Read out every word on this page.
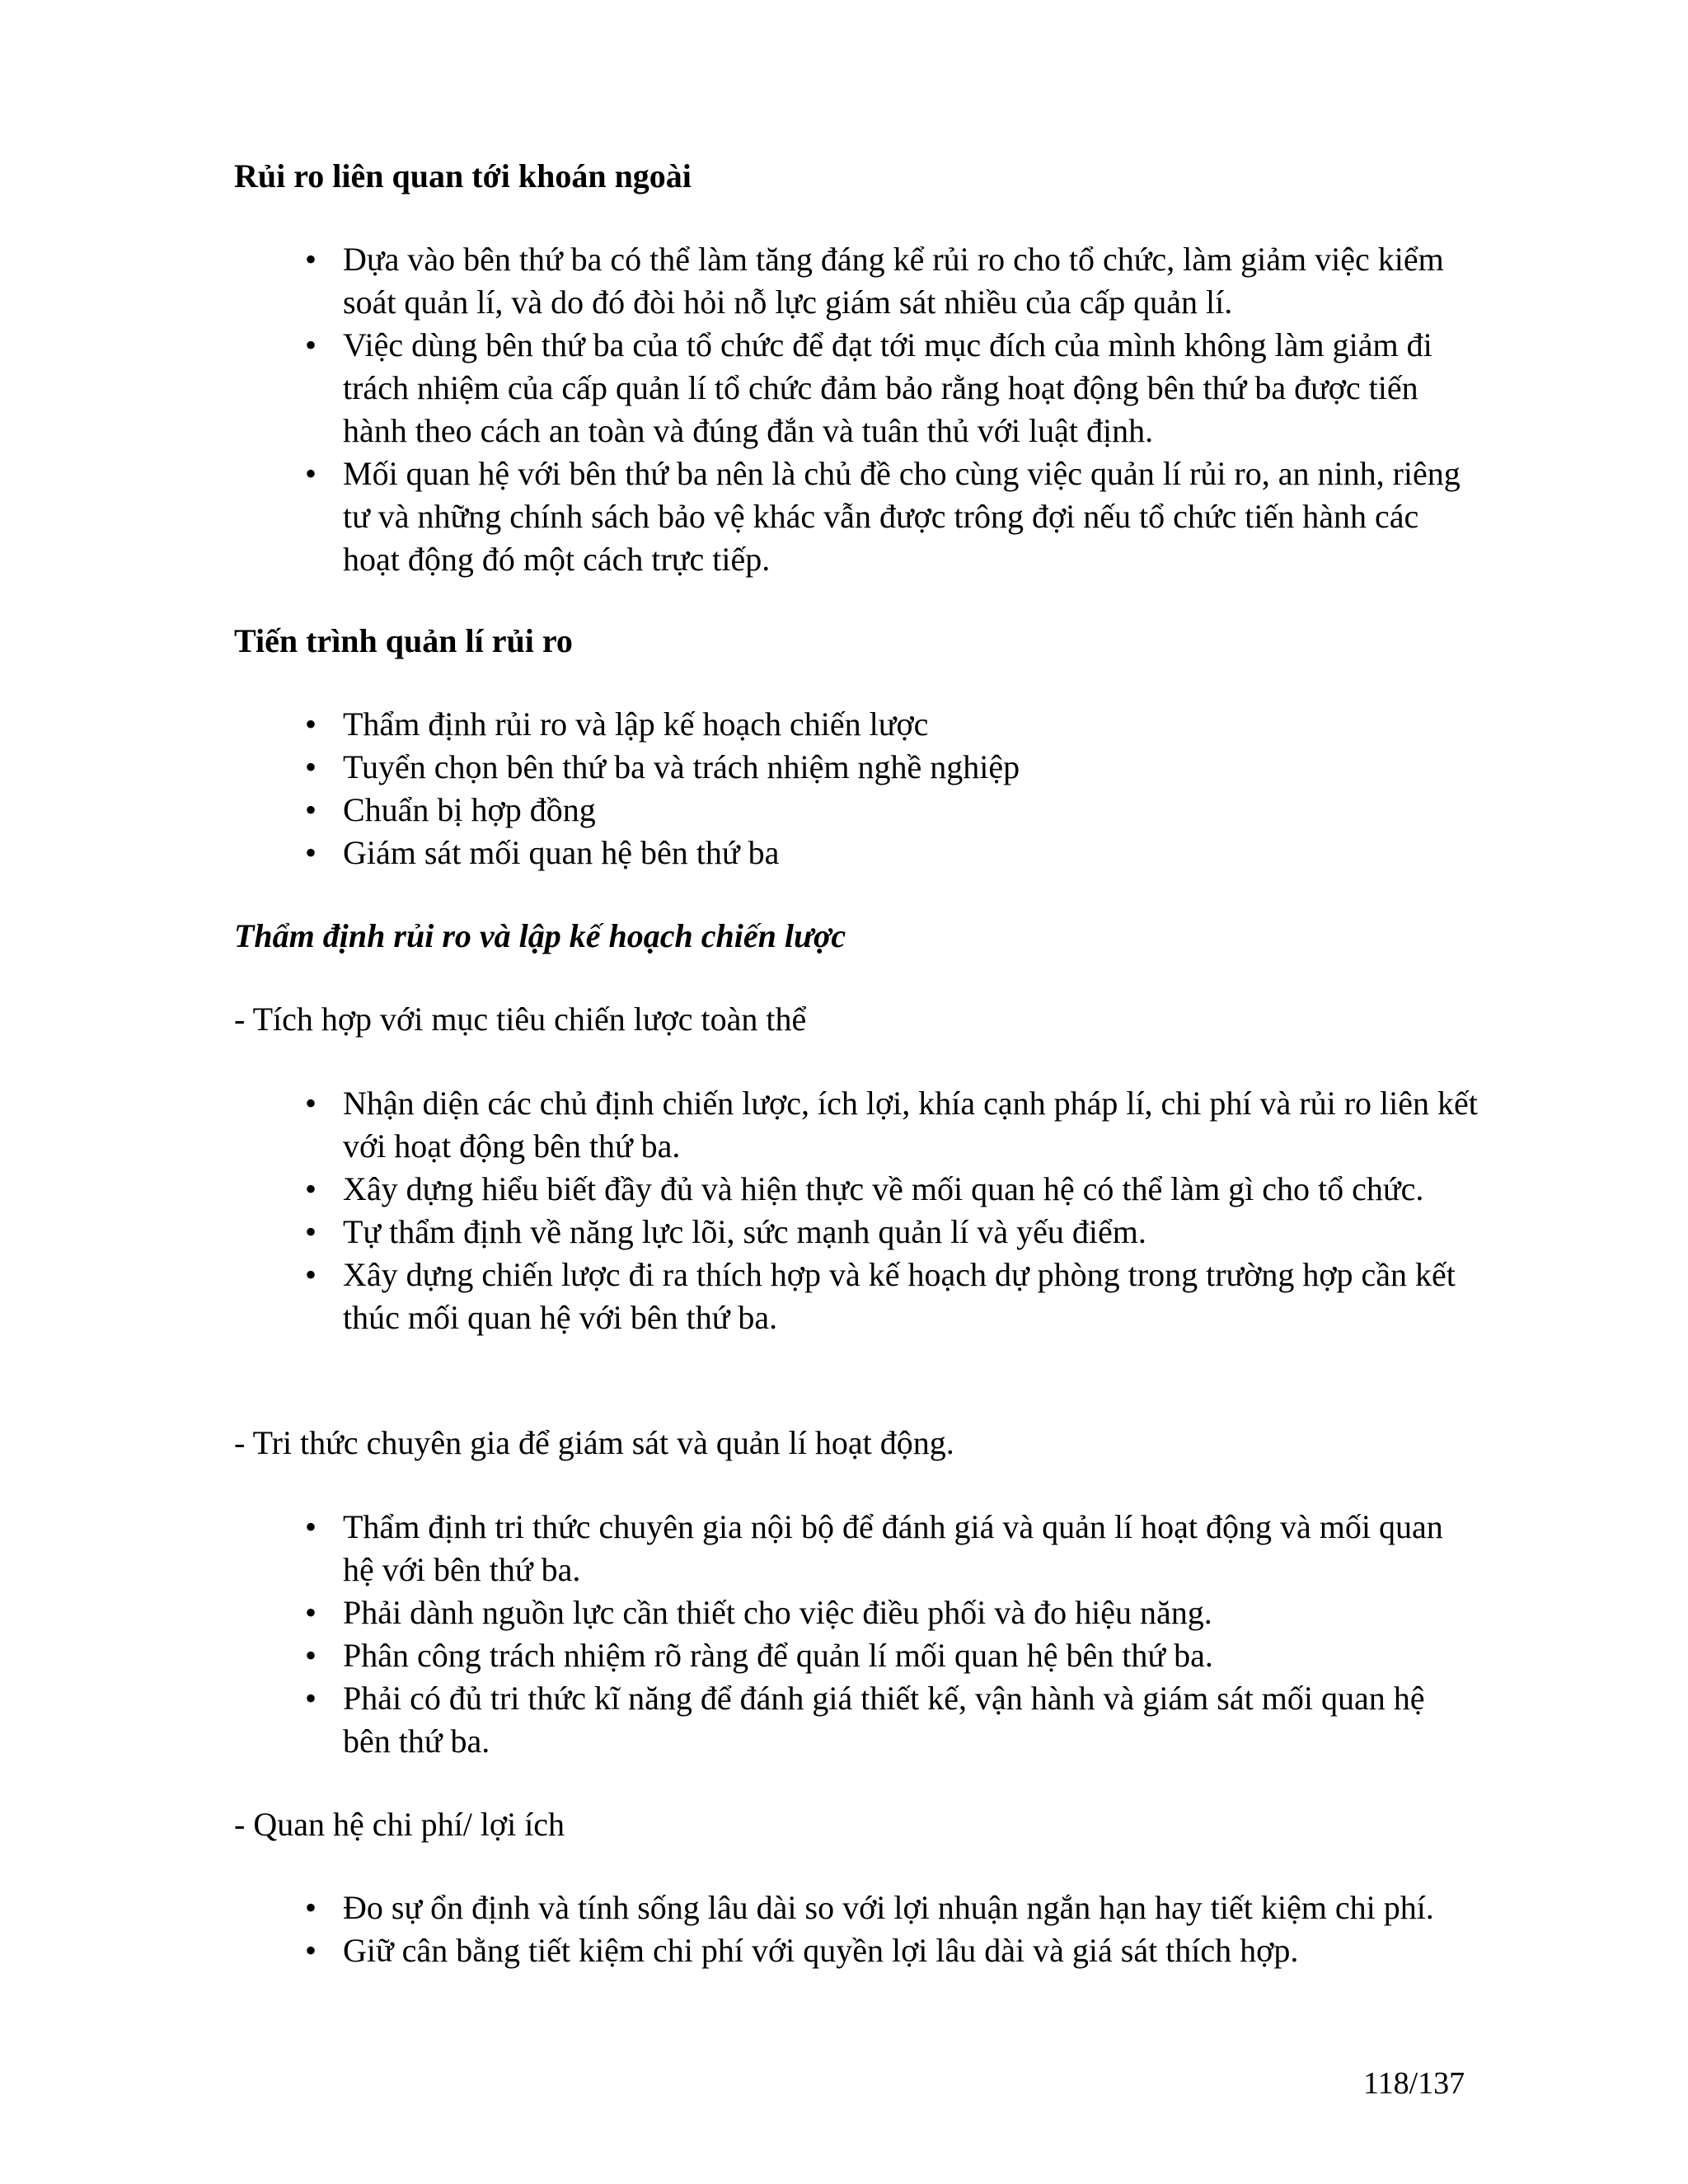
Rủi ro liên quan tới khoán ngoài

• Dựa vào bên thứ ba có thể làm tăng đáng kể rủi ro cho tổ chức, làm giảm việc kiểm soát quản lí, và do đó đòi hỏi nỗ lực giám sát nhiều của cấp quản lí.
• Việc dùng bên thứ ba của tổ chức để đạt tới mục đích của mình không làm giảm đi trách nhiệm của cấp quản lí tổ chức đảm bảo rằng hoạt động bên thứ ba được tiến hành theo cách an toàn và đúng đắn và tuân thủ với luật định.
• Mối quan hệ với bên thứ ba nên là chủ đề cho cùng việc quản lí rủi ro, an ninh, riêng tư và những chính sách bảo vệ khác vẫn được trông đợi nếu tổ chức tiến hành các hoạt động đó một cách trực tiếp.

Tiến trình quản lí rủi ro

• Thẩm định rủi ro và lập kế hoạch chiến lược
• Tuyển chọn bên thứ ba và trách nhiệm nghề nghiệp
• Chuẩn bị hợp đồng
• Giám sát mối quan hệ bên thứ ba

Thẩm định rủi ro và lập kế hoạch chiến lược

- Tích hợp với mục tiêu chiến lược toàn thể

• Nhận diện các chủ định chiến lược, ích lợi, khía cạnh pháp lí, chi phí và rủi ro liên kết với hoạt động bên thứ ba.
• Xây dựng hiểu biết đầy đủ và hiện thực về mối quan hệ có thể làm gì cho tổ chức.
• Tự thẩm định về năng lực lõi, sức mạnh quản lí và yếu điểm.
• Xây dựng chiến lược đi ra thích hợp và kế hoạch dự phòng trong trường hợp cần kết thúc mối quan hệ với bên thứ ba.

- Tri thức chuyên gia để giám sát và quản lí hoạt động.

• Thẩm định tri thức chuyên gia nội bộ để đánh giá và quản lí hoạt động và mối quan hệ với bên thứ ba.
• Phải dành nguồn lực cần thiết cho việc điều phối và đo hiệu năng.
• Phân công trách nhiệm rõ ràng để quản lí mối quan hệ bên thứ ba.
• Phải có đủ tri thức kĩ năng để đánh giá thiết kế, vận hành và giám sát mối quan hệ bên thứ ba.

- Quan hệ chi phí/ lợi ích

• Đo sự ổn định và tính sống lâu dài so với lợi nhuận ngắn hạn hay tiết kiệm chi phí.
• Giữ cân bằng tiết kiệm chi phí với quyền lợi lâu dài và giá sát thích hợp.

118/137
